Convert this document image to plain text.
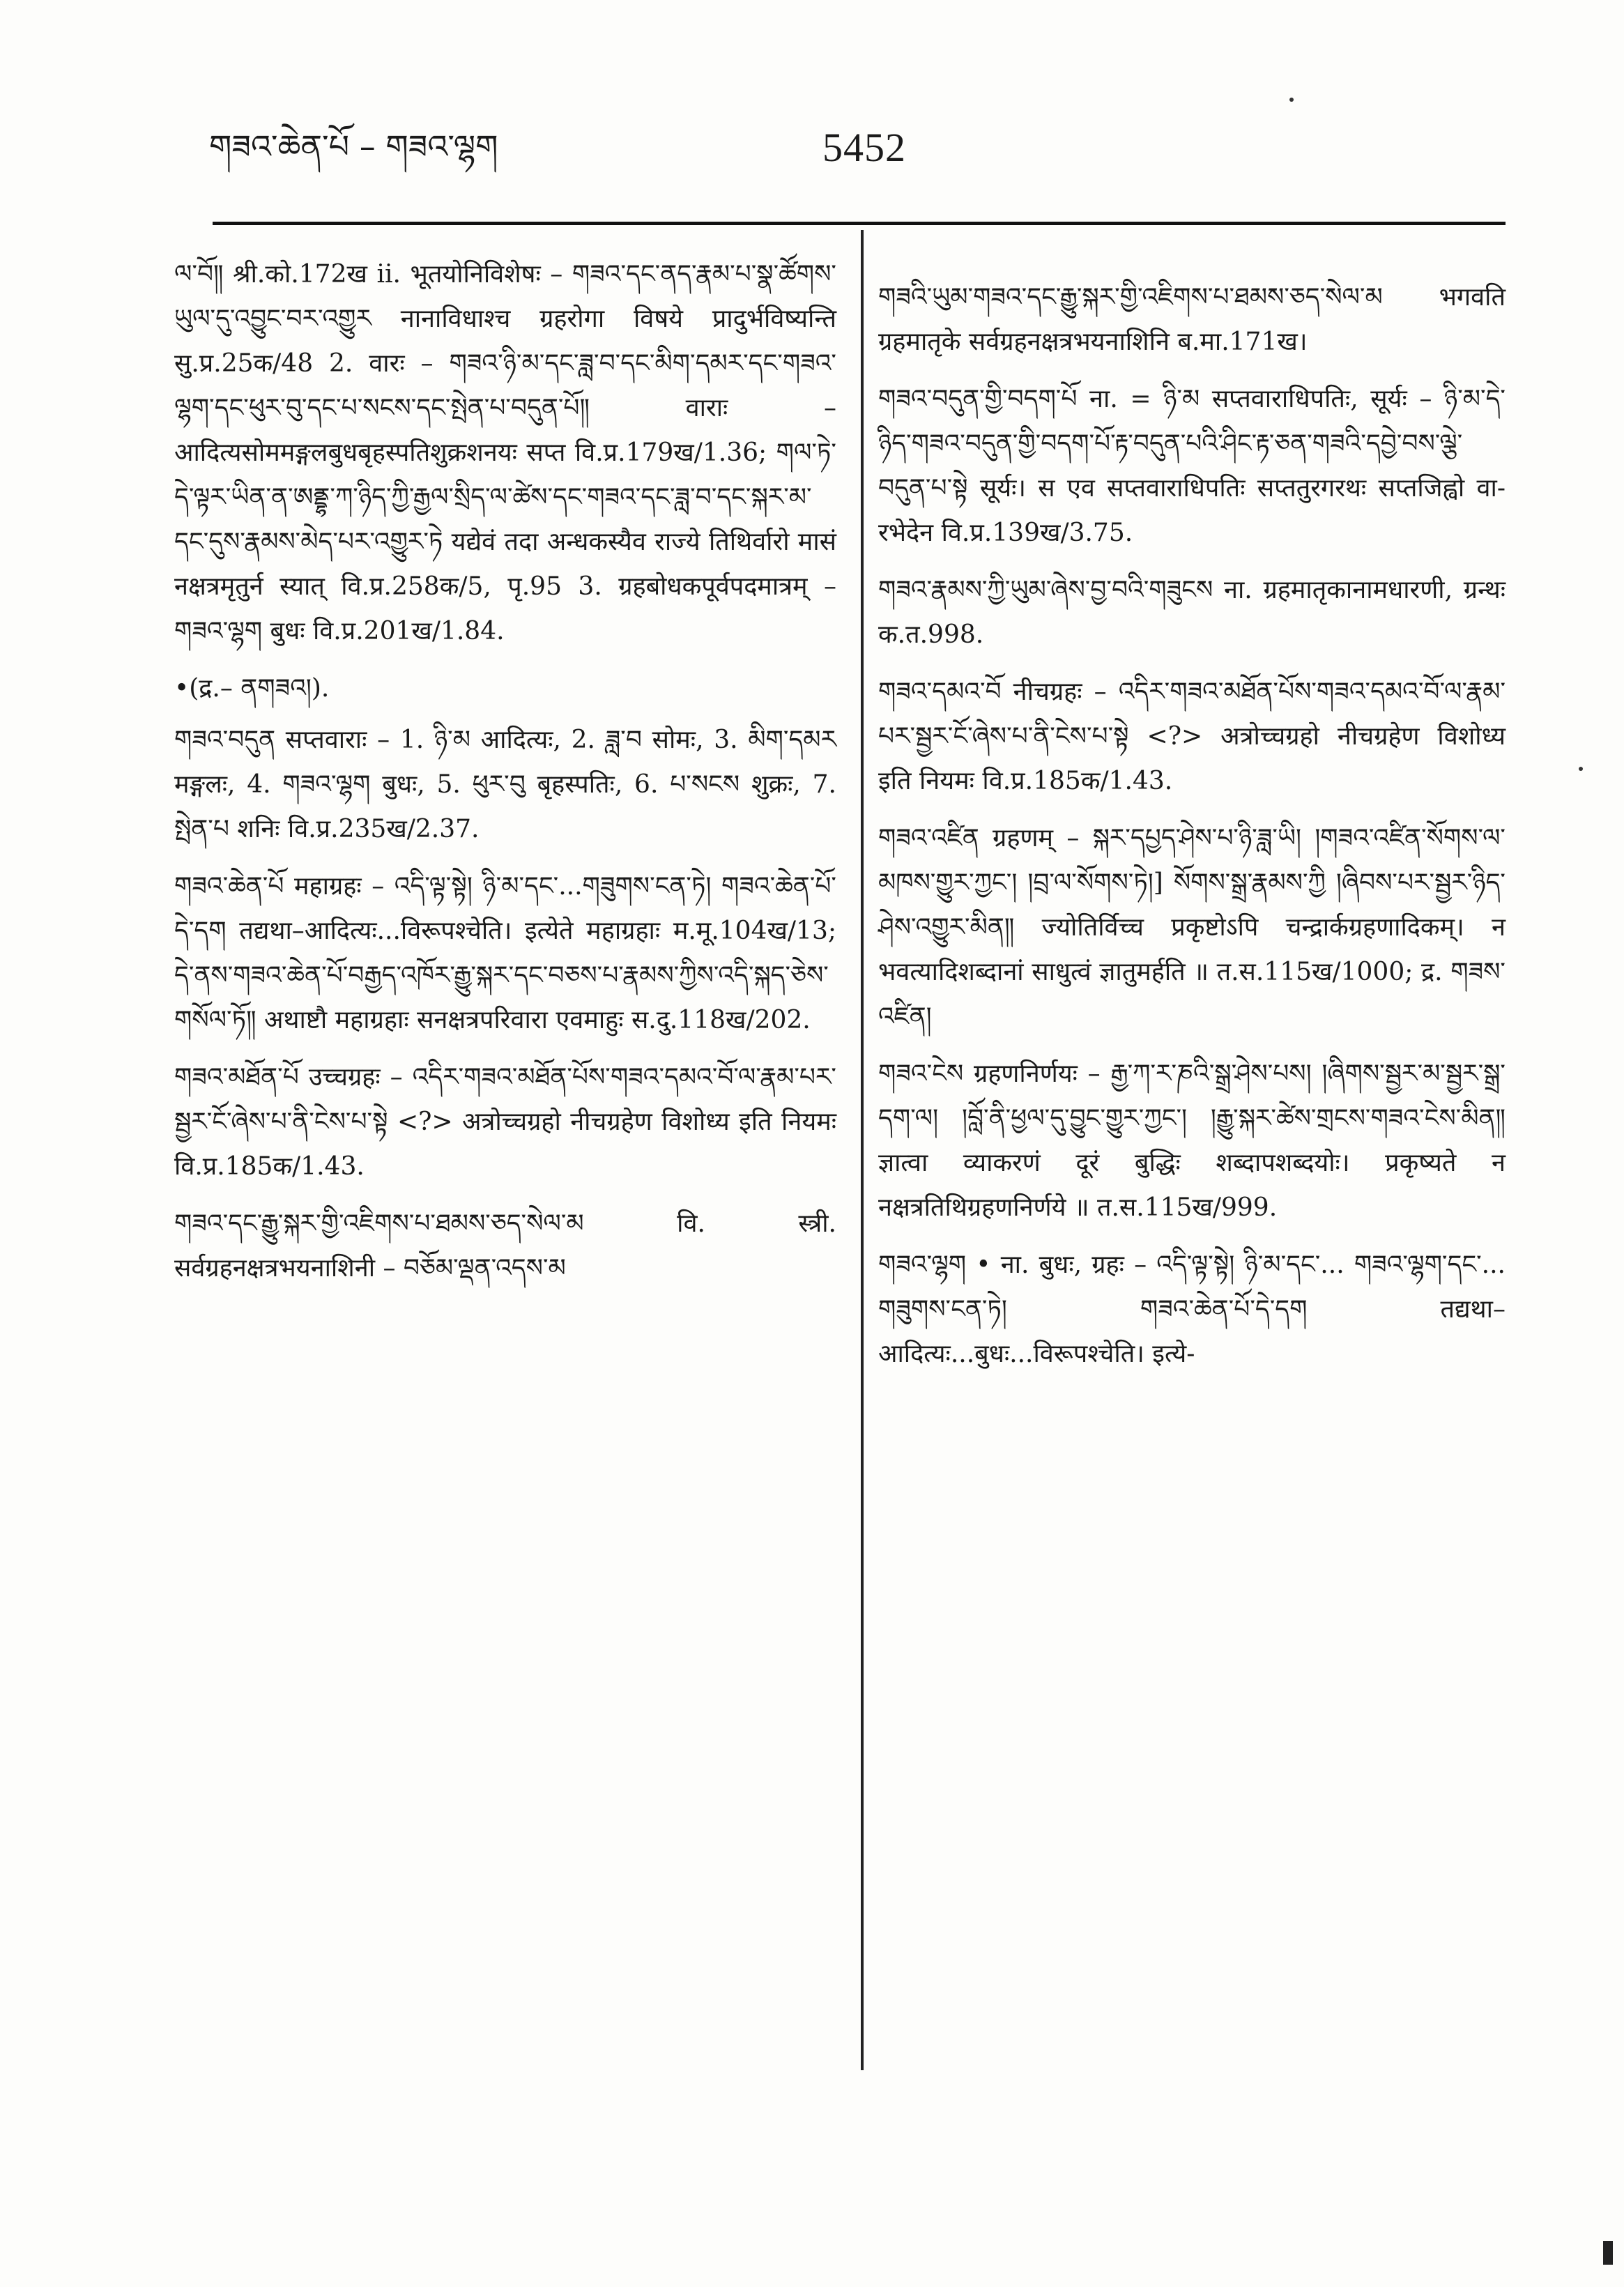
གཟའ་ཆེན་པོ – གཟའ་ལྷག	5452

ལ་བོ༎ श्री.को.172ख ii. भूतयोनिविशेषः – གཟའ་དང་ནད་རྣམ་པ་སྣ་ཚོགས་ཡུལ་དུ་འབྱུང་བར་འགྱུར नानाविधाश्च ग्रहरोगा विषये प्रादुर्भविष्यन्ति सु.प्र.25क/48 2. वारः – གཟའ་ཉི་མ་དང་ཟླ་བ་དང་མིག་དམར་དང་གཟའ་ལྷག་དང་ཕུར་བུ་དང་པ་སངས་དང་སྤེན་པ་བདུན་པོ༎ वाराः – आदित्यसोममङ्गलबुधबृहस्पतिशुक्रशनयः सप्त वि.प्र.179ख/1.36; གལ་ཏེ་དེ་ལྟར་ཡིན་ན་ཨནྡྷ་ཀ་ཉིད་ཀྱི་རྒྱལ་སྲིད་ལ་ཚེས་དང་གཟའ་དང་ཟླ་བ་དང་སྐར་མ་དང་དུས་རྣམས་མེད་པར་འགྱུར་ཏེ यद्येवं तदा अन्धकस्यैव राज्ये तिथिर्वारो मासं नक्षत्रमृतुर्न स्यात् वि.प्र.258क/5, पृ.95 3. ग्रहबोधकपूर्वपदमात्रम् – གཟའ་ལྷག बुधः वि.प्र.201ख/1.84.

•(द्र.– ནགཟའ།).

གཟའ་བདུན सप्तवाराः – 1. ཉི་མ आदित्यः, 2. ཟླ་བ सोमः, 3. མིག་དམར मङ्गलः, 4. གཟའ་ལྷག बुधः, 5. ཕུར་བུ बृहस्पतिः, 6. པ་སངས शुक्रः, 7. སྤེན་པ शनिः वि.प्र.235ख/2.37.

གཟའ་ཆེན་པོ महाग्रहः – འདི་ལྟ་སྟེ། ཉི་མ་དང་...གཟུགས་ངན་ཏེ། གཟའ་ཆེན་པོ་དེ་དག तद्यथा–आदित्यः...विरूपश्चेति। इत्येते महाग्रहाः म.मू.104ख/13; དེ་ནས་གཟའ་ཆེན་པོ་བརྒྱད་འཁོར་རྒྱུ་སྐར་དང་བཅས་པ་རྣམས་ཀྱིས་འདི་སྐད་ཅེས་གསོལ་ཏོ༎ अथाष्टौ महाग्रहाः सनक्षत्रपरिवारा एवमाहुः स.दु.118ख/202.

གཟའ་མཐོན་པོ उच्चग्रहः – འདིར་གཟའ་མཐོན་པོས་གཟའ་དམའ་བོ་ལ་རྣམ་པར་སྦྱར་ངོ་ཞེས་པ་ནི་ངེས་པ་སྟེ <?> अत्रोच्चग्रहो नीचग्रहेण विशोध्य इति नियमः वि.प्र.185क/1.43.

གཟའ་དང་རྒྱུ་སྐར་གྱི་འཇིགས་པ་ཐམས་ཅད་སེལ་མ वि. स्त्री. सर्वग्रहनक्षत्रभयनाशिनी – བཅོམ་ལྡན་འདས་མ

གཟའི་ཡུམ་གཟའ་དང་རྒྱུ་སྐར་གྱི་འཇིགས་པ་ཐམས་ཅད་སེལ་མ भगवति ग्रहमातृके सर्वग्रहनक्षत्रभयनाशिनि ब.मा.171ख।

གཟའ་བདུན་གྱི་བདག་པོ ना. = ཉི་མ सप्तवाराधिपतिः, सूर्यः – ཉི་མ་དེ་ཉིད་གཟའ་བདུན་གྱི་བདག་པོ་རྟ་བདུན་པའི་ཤིང་རྟ་ཅན་གཟའི་དབྱེ་བས་ལྕེ་བདུན་པ་སྟེ सूर्यः। स एव सप्तवाराधिपतिः सप्ततुरगरथः सप्तजिह्वो वारभेदेन वि.प्र.139ख/3.75.

གཟའ་རྣམས་ཀྱི་ཡུམ་ཞེས་བྱ་བའི་གཟུངས ना. ग्रहमातृकानामधारणी, ग्रन्थः क.त.998.

གཟའ་དམའ་བོ नीचग्रहः – འདིར་གཟའ་མཐོན་པོས་གཟའ་དམའ་བོ་ལ་རྣམ་པར་སྦྱར་ངོ་ཞེས་པ་ནི་ངེས་པ་སྟེ <?> अत्रोच्चग्रहो नीचग्रहेण विशोध्य इति नियमः वि.प्र.185क/1.43.

གཟའ་འཛིན ग्रहणम् – སྐར་དཔྱད་ཤེས་པ་ཉི་ཟླ་ཡི། །གཟའ་འཛིན་སོགས་ལ་མཁས་གྱུར་ཀྱང་། །བྲ་ལ་སོགས་ཏེ།] སོགས་སྒྲ་རྣམས་ཀྱི །ཞིབས་པར་སྦྱར་ཉིད་ཤེས་འགྱུར་མིན༎ ज्योतिर्विच्च प्रकृष्टोऽपि चन्द्रार्कग्रहणादिकम्। न भवत्यादिशब्दानां साधुत्वं ज्ञातुमर्हति ॥ त.स.115ख/1000; द्र. གཟས་འཛིན།

གཟའ་ངེས ग्रहणनिर्णयः – རྒྱ་ཀ་ར་ཎའི་སྒྲ་ཤེས་པས། །ཞིགས་སྦྱར་མ་སྦྱར་སྒྲ་དག་ལ། །བློ་ནི་ཕྱལ་དུ་བྱུང་གྱུར་ཀྱང་། །རྒྱུ་སྐར་ཚེས་གྲངས་གཟའ་ངེས་མིན༎ ज्ञात्वा व्याकरणं दूरं बुद्धिः शब्दापशब्दयोः। प्रकृष्यते न नक्षत्रतिथिग्रहणनिर्णये ॥ त.स.115ख/999.

གཟའ་ལྷག • ना. बुधः, ग्रहः – འདི་ལྟ་སྟེ། ཉི་མ་དང་... གཟའ་ལྷག་དང་... གཟུགས་ངན་ཏེ། གཟའ་ཆེན་པོ་དེ་དག तद्यथा–आदित्यः...बुधः...विरूपश्चेति। इत्ये-
